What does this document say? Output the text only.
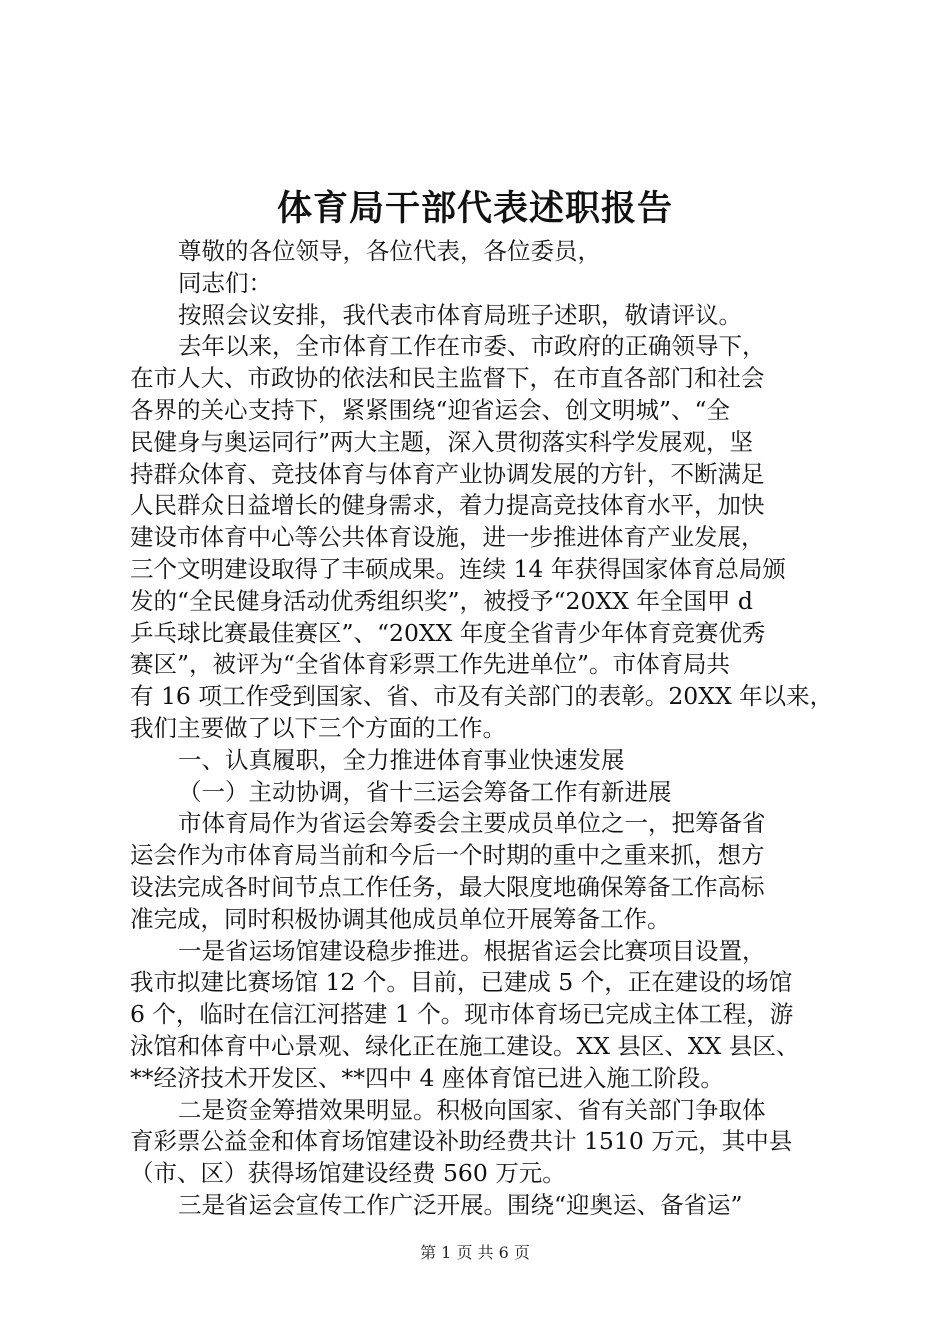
体育局干部代表述职报告
尊敬的各位领导，各位代表，各位委员，
同志们：
按照会议安排，我代表市体育局班子述职，敬请评议。
去年以来，全市体育工作在市委、市政府的正确领导下，
在市人大、市政协的依法和民主监督下，在市直各部门和社会
各界的关心支持下，紧紧围绕“迎省运会、创文明城”、“全
民健身与奥运同行”两大主题，深入贯彻落实科学发展观，坚
持群众体育、竞技体育与体育产业协调发展的方针，不断满足
人民群众日益增长的健身需求，着力提高竞技体育水平，加快
建设市体育中心等公共体育设施，进一步推进体育产业发展，
三个文明建设取得了丰硕成果。连续 14 年获得国家体育总局颁
发的“全民健身活动优秀组织奖”，被授予“20XX 年全国甲 d
乒乓球比赛最佳赛区”、“20XX 年度全省青少年体育竞赛优秀
赛区”，被评为“全省体育彩票工作先进单位”。市体育局共
有 16 项工作受到国家、省、市及有关部门的表彰。20XX 年以来，
我们主要做了以下三个方面的工作。
一、认真履职，全力推进体育事业快速发展
（一）主动协调，省十三运会筹备工作有新进展
市体育局作为省运会筹委会主要成员单位之一，把筹备省
运会作为市体育局当前和今后一个时期的重中之重来抓，想方
设法完成各时间节点工作任务，最大限度地确保筹备工作高标
准完成，同时积极协调其他成员单位开展筹备工作。
一是省运场馆建设稳步推进。根据省运会比赛项目设置，
我市拟建比赛场馆 12 个。目前，已建成 5 个，正在建设的场馆
6 个，临时在信江河搭建 1 个。现市体育场已完成主体工程，游
泳馆和体育中心景观、绿化正在施工建设。XX 县区、XX 县区、
**经济技术开发区、**四中 4 座体育馆已进入施工阶段。
二是资金筹措效果明显。积极向国家、省有关部门争取体
育彩票公益金和体育场馆建设补助经费共计 1510 万元，其中县
（市、区）获得场馆建设经费 560 万元。
三是省运会宣传工作广泛开展。围绕“迎奥运、备省运”
第 1 页 共 6 页
